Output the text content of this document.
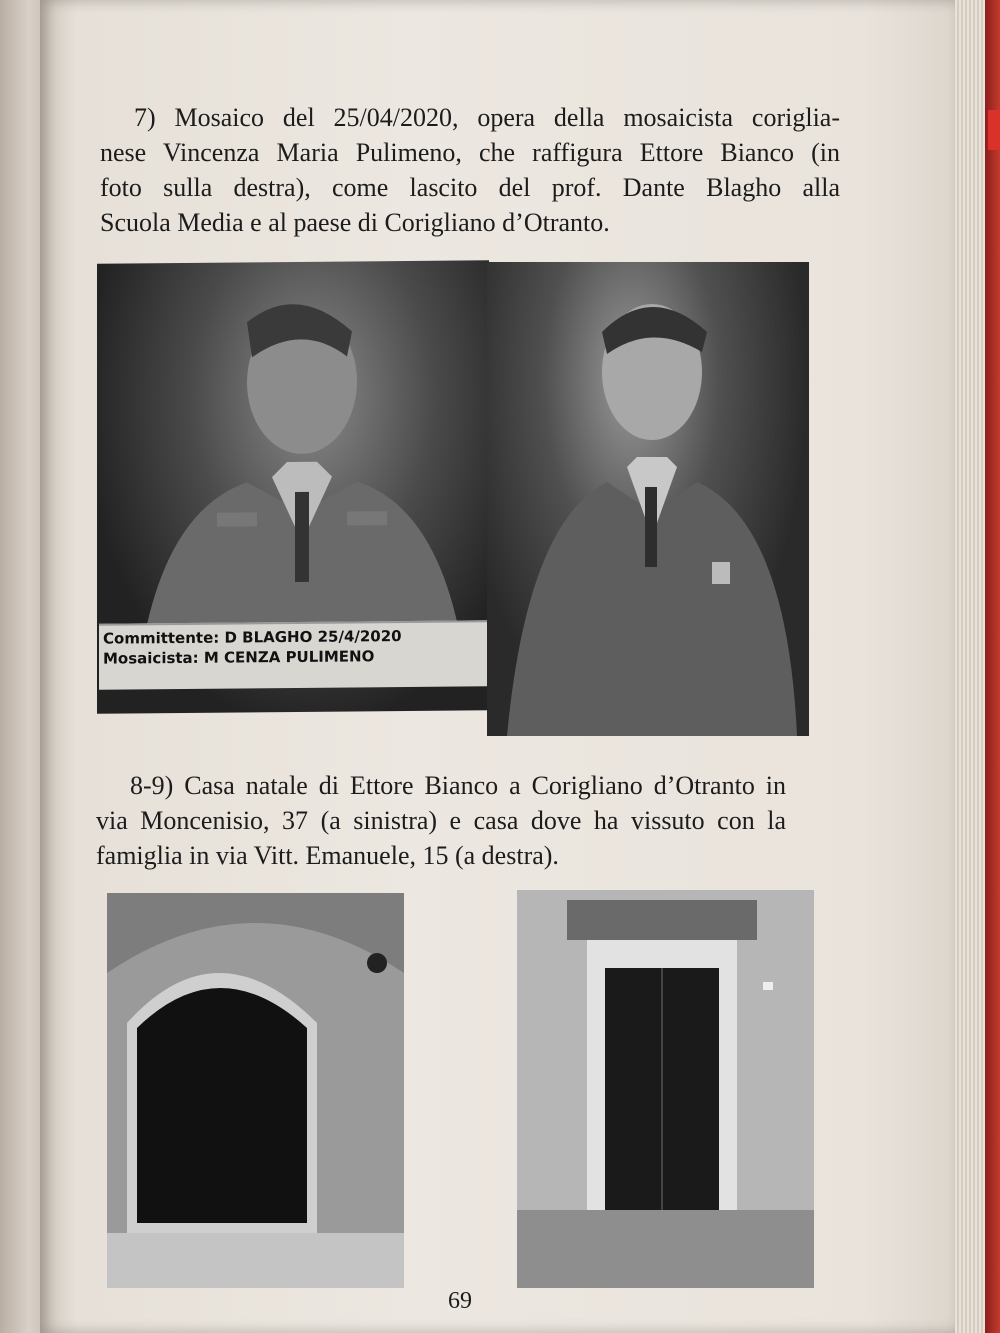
7) Mosaico del 25/04/2020, opera della mosaicista coriglia-
nese Vincenza Maria Pulimeno, che raffigura Ettore Bianco (in
foto sulla destra), come lascito del prof. Dante Blagho alla
Scuola Media e al paese di Corigliano d’Otranto.
Committente: D BLAGHO 25/4/2020
Mosaicista: M CENZA PULIMENO
8-9) Casa natale di Ettore Bianco a Corigliano d’Otranto in
via Moncenisio, 37 (a sinistra) e casa dove ha vissuto con la
famiglia in via Vitt. Emanuele, 15 (a destra).
69
